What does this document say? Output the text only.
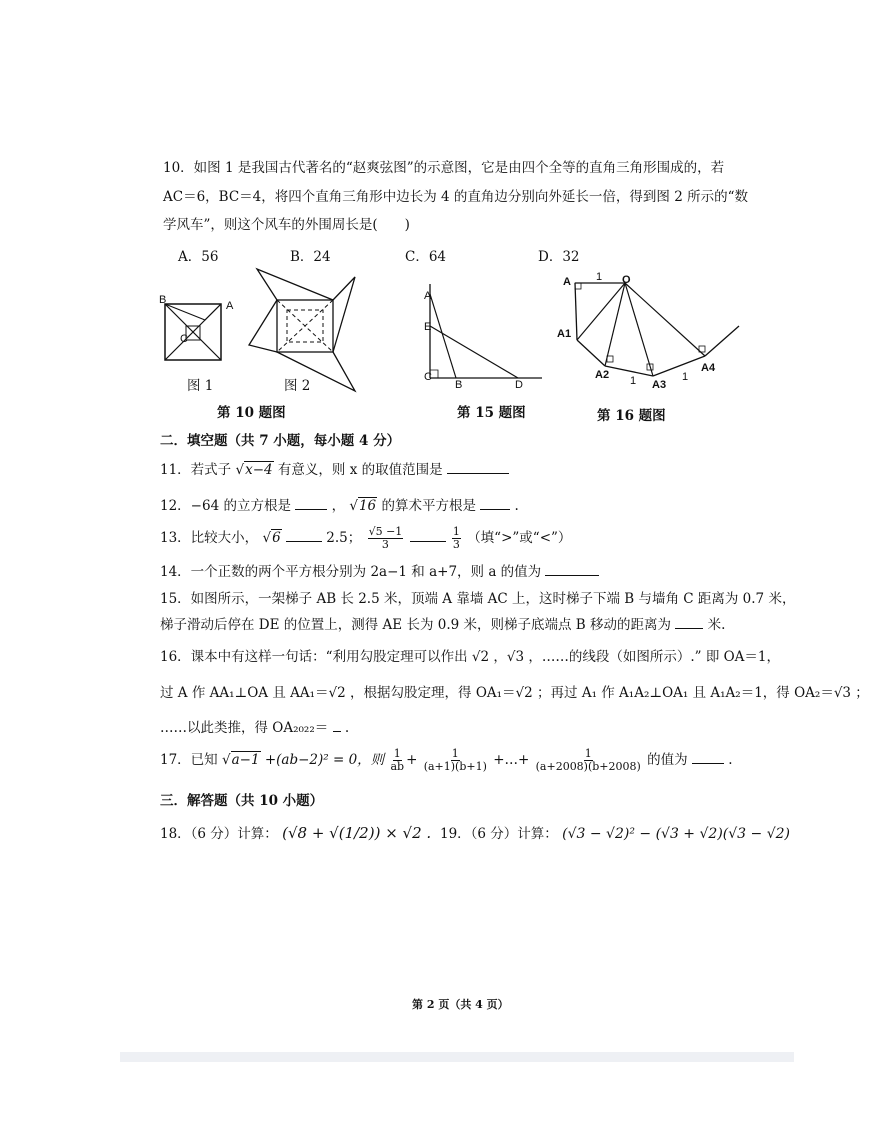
10．如图 1 是我国古代著名的“赵爽弦图”的示意图，它是由四个全等的直角三角形围成的，若
AC＝6，BC＝4，将四个直角三角形中边长为 4 的直角边分别向外延长一倍，得到图 2 所示的“数
学风车”，则这个风车的外围周长是(　　)
A．56	B．24	C．64	D．32
B	A
C
图 1	图 2
第 10 题图
A
E
C
B	D
第 15 题图
A	O
A1
A2
A3
A4
1
1	1
第 16 题图
二．填空题（共 7 小题，每小题 4 分）
11．若式子 √x−4 有意义，则 x 的取值范围是
12．−64 的立方根是	， √16 的算术平方根是	.
13．比较大小， √6	2.5； $\frac{√5 -1}{3}$
	$\frac{1}{3}$ （填“>”或“<”）
14．一个正数的两个平方根分别为 2a−1 和 a+7，则 a 的值为
15．如图所示，一架梯子 AB 长 2.5 米，顶端 A 靠墙 AC 上，这时梯子下端 B 与墙角 C 距离为 0.7 米，
梯子滑动后停在 DE 的位置上，测得 AE 长为 0.9 米，则梯子底端点 B 移动的距离为	米.
16．课本中有这样一句话：“利用勾股定理可以作出 √2 ，√3 ，……的线段（如图所示）.” 即 OA＝1，
过 A 作 AA₁⊥OA 且 AA₁＝√2 ，根据勾股定理，得 OA₁＝√2 ；再过 A₁ 作 A₁A₂⊥OA₁ 且 A₁A₂＝1，得 OA₂＝√3 ；
……以此类推，得 OA₂₀₂₂＝ .
17．已知 √a−1 +(ab−2)² = 0，则 $\frac{1}{ab} + \frac{1}{(a+1)(b+1)}$ +…+ $\frac{1}{(a+2008)(b+2008)}$ 的值为	.
三．解答题（共 10 小题）
18．（6 分）计算： (√8 + √(1/2)) × √2 . 19．（6 分）计算： (√3 − √2)² − (√3 + √2)(√3 − √2)
第 2 页（共 4 页）
